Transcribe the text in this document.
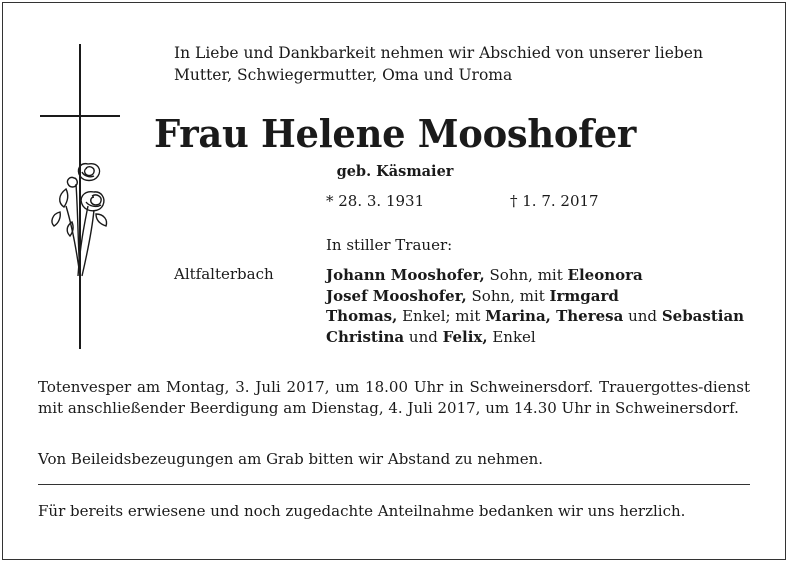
In Liebe und Dankbarkeit nehmen wir Abschied von unserer lieben
Mutter, Schwiegermutter, Oma und Uroma
Frau Helene Mooshofer
geb. Käsmaier
* 28. 3. 1931	† 1. 7. 2017
In stiller Trauer:
Altfalterbach	Johann Mooshofer, Sohn, mit Eleonora
Josef Mooshofer, Sohn, mit Irmgard
Thomas, Enkel; mit Marina, Theresa und Sebastian
Christina und Felix, Enkel
Totenvesper am Montag, 3. Juli 2017, um 18.00 Uhr in Schweinersdorf. Trauergottes-dienst mit anschließender Beerdigung am Dienstag, 4. Juli 2017, um 14.30 Uhr in Schweinersdorf.
Von Beileidsbezeugungen am Grab bitten wir Abstand zu nehmen.
Für bereits erwiesene und noch zugedachte Anteilnahme bedanken wir uns herzlich.
